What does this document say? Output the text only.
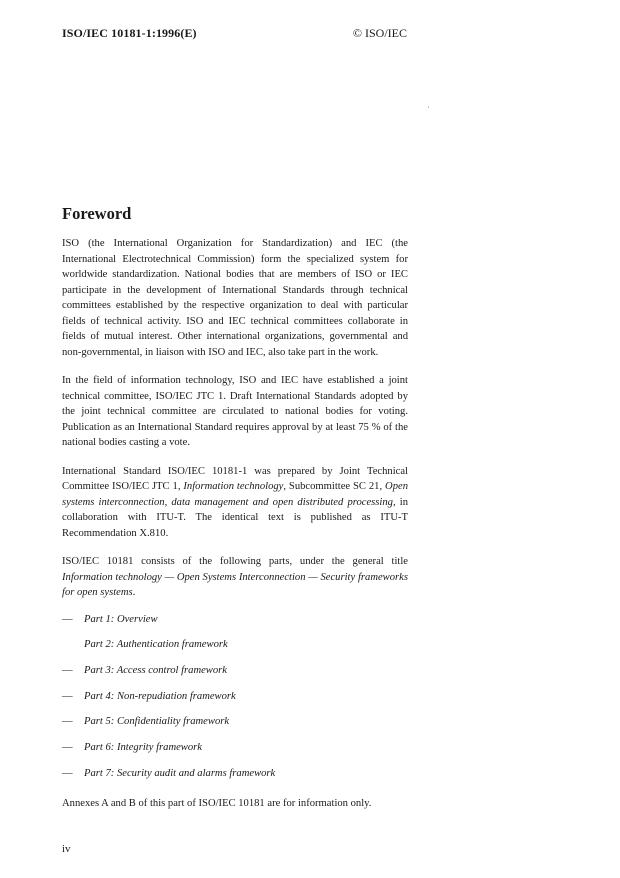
ISO/IEC 10181-1:1996(E)	© ISO/IEC
Foreword

ISO (the International Organization for Standardization) and IEC (the International Electrotechnical Commission) form the specialized system for worldwide standardization. National bodies that are members of ISO or IEC participate in the development of International Standards through technical committees established by the respective organization to deal with particular fields of technical activity. ISO and IEC technical committees collaborate in fields of mutual interest. Other international organizations, governmental and non-governmental, in liaison with ISO and IEC, also take part in the work.

In the field of information technology, ISO and IEC have established a joint technical committee, ISO/IEC JTC 1. Draft International Standards adopted by the joint technical committee are circulated to national bodies for voting. Publication as an International Standard requires approval by at least 75 % of the national bodies casting a vote.

International Standard ISO/IEC 10181-1 was prepared by Joint Technical Committee ISO/IEC JTC 1, Information technology, Subcommittee SC 21, Open systems interconnection, data management and open distributed processing, in collaboration with ITU-T. The identical text is published as ITU-T Recommendation X.810.

ISO/IEC 10181 consists of the following parts, under the general title Information technology — Open Systems Interconnection — Security frameworks for open systems.

—	Part 1: Overview
Part 2: Authentication framework
—	Part 3: Access control framework
—	Part 4: Non-repudiation framework
—	Part 5: Confidentiality framework
—	Part 6: Integrity framework
—	Part 7: Security audit and alarms framework

Annexes A and B of this part of ISO/IEC 10181 are for information only.

iv
